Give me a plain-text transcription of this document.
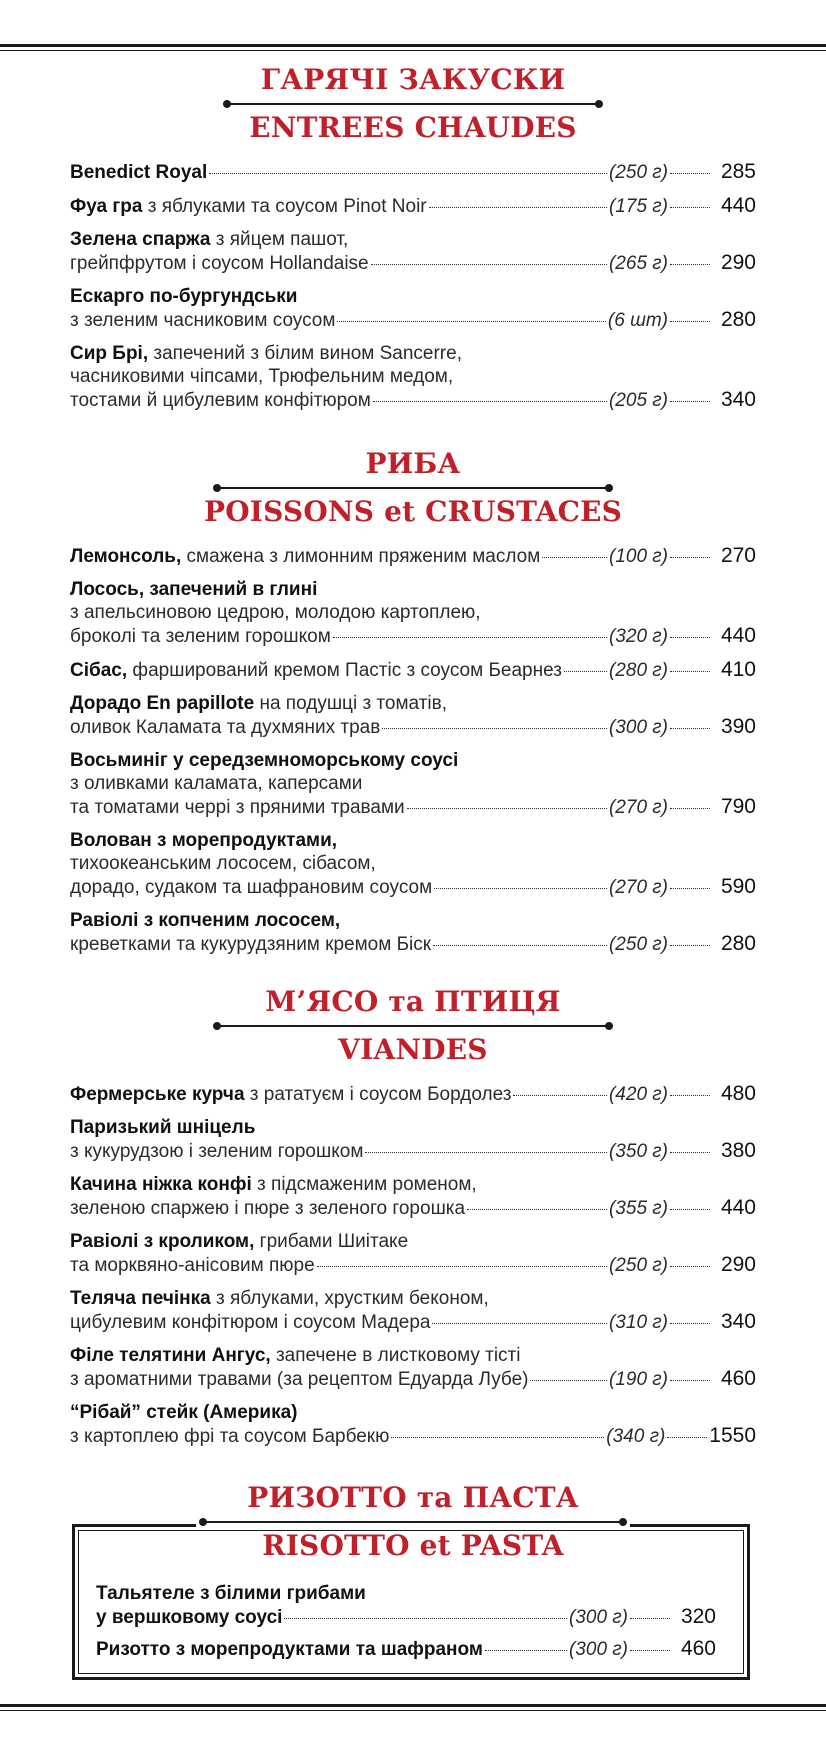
ГАРЯЧІ ЗАКУСКИ
ENTREES CHAUDES
Benedict Royal	(250 г)	285
Фуа гра з яблуками та соусом Pinot Noir	(175 г)	440
Зелена спаржа з яйцем пашот,
грейпфрутом і соусом Hollandaise	(265 г)	290
Ескарго по-бургундськи
з зеленим часниковим соусом	(6 шт)	280
Сир Брі, запечений з білим вином Sancerre,
часниковими чіпсами, Трюфельним медом,
тостами й цибулевим конфітюром	(205 г)	340
РИБА
POISSONS et CRUSTACES
Лемонсоль, смажена з лимонним пряженим маслом	(100 г)	270
Лосось, запечений в глині
з апельсиновою цедрою, молодою картоплею,
броколі та зеленим горошком	(320 г)	440
Сібас, фарширований кремом Пастіс з соусом Беарнез (280 г)	410
Дорадо En papillote на подушці з томатів,
оливок Каламата та духмяних трав	(300 г)	390
Восьминіг у середземноморському соусі
з оливками каламата, каперсами
та томатами черрі з пряними травами	(270 г)	790
Волован з морепродуктами,
тихоокеанським лососем, сібасом,
дорадо, судаком та шафрановим соусом	(270 г)	590
Равіолі з копченим лососем,
креветками та кукурудзяним кремом Біск	(250 г)	280
М’ЯСО та ПТИЦЯ
VIANDES
Фермерське курча з рататуєм і соусом Бордолез	(420 г)	480
Паризький шніцель
з кукурудзою і зеленим горошком	(350 г)	380
Качина ніжка конфі з підсмаженим роменом,
зеленою спаржею і пюре з зеленого горошка	(355 г)	440
Равіолі з кроликом, грибами Шиітаке
та морквяно-анісовим пюре	(250 г)	290
Теляча печінка з яблуками, хрустким беконом,
цибулевим конфітюром і соусом Мадера	(310 г)	340
Філе телятини Ангус, запечене в листковому тісті
з ароматними травами (за рецептом Едуарда Лубе)	(190 г)	460
“Рібай” стейк (Америка)
з картоплею фрі та соусом Барбекю	(340 г) 1550
РИЗОТТО та ПАСТА
RISOTTO et PASTA
Тальятеле з білими грибами
у вершковому соусі	(300 г)	320
Ризотто з морепродуктами та шафраном	(300 г)	460
